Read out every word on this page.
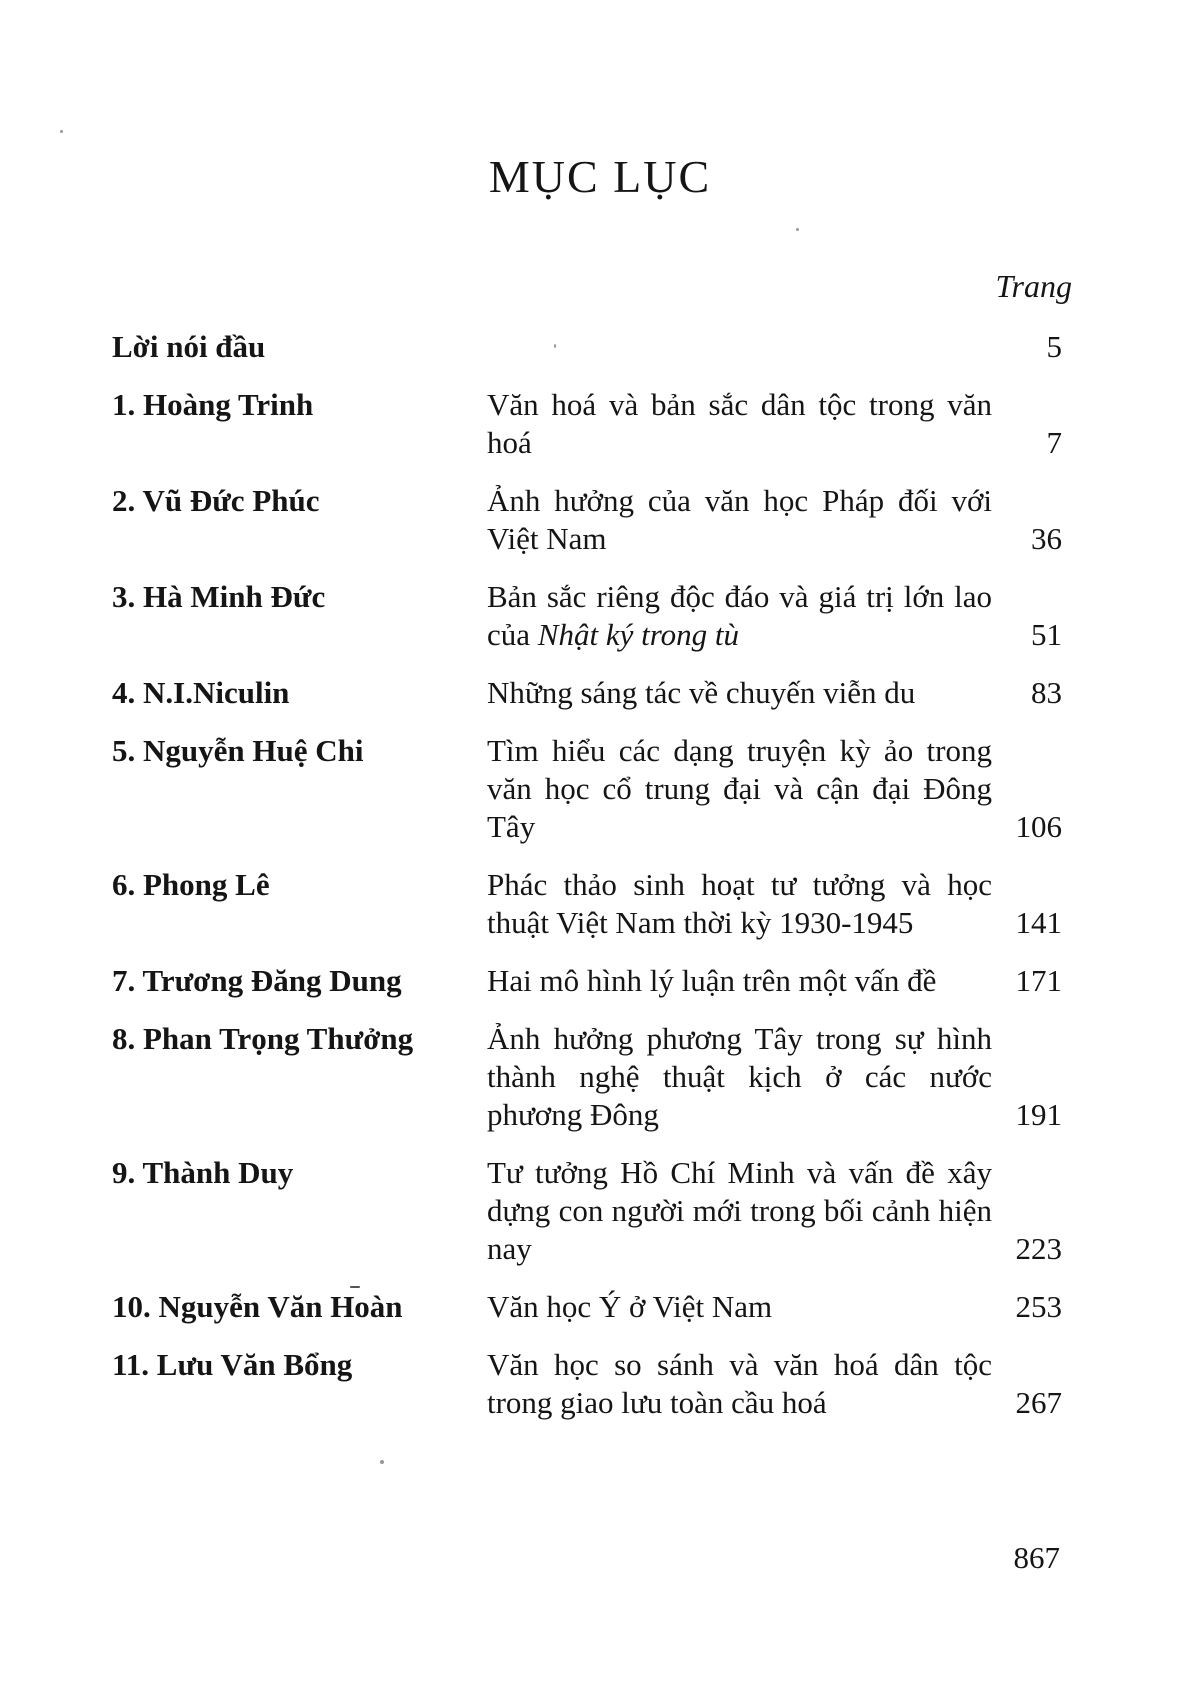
MỤC LỤC
Trang
Lời nói đầu	5
1. Hoàng Trinh	Văn hoá và bản sắc dân tộc trong văn hoá	7
2. Vũ Đức Phúc	Ảnh hưởng của văn học Pháp đối với Việt Nam	36
3. Hà Minh Đức	Bản sắc riêng độc đáo và giá trị lớn lao của Nhật ký trong tù	51
4. N.I.Niculin	Những sáng tác về chuyến viễn du	83
5. Nguyễn Huệ Chi	Tìm hiểu các dạng truyện kỳ ảo trong văn học cổ trung đại và cận đại Đông Tây	106
6. Phong Lê	Phác thảo sinh hoạt tư tưởng và học thuật Việt Nam thời kỳ 1930-1945	141
7. Trương Đăng Dung	Hai mô hình lý luận trên một vấn đề	171
8. Phan Trọng Thưởng	Ảnh hưởng phương Tây trong sự hình thành nghệ thuật kịch ở các nước phương Đông	191
9. Thành Duy	Tư tưởng Hồ Chí Minh và vấn đề xây dựng con người mới trong bối cảnh hiện nay	223
10. Nguyễn Văn Hoàn	Văn học Ý ở Việt Nam	253
11. Lưu Văn Bổng	Văn học so sánh và văn hoá dân tộc trong giao lưu toàn cầu hoá	267
867
